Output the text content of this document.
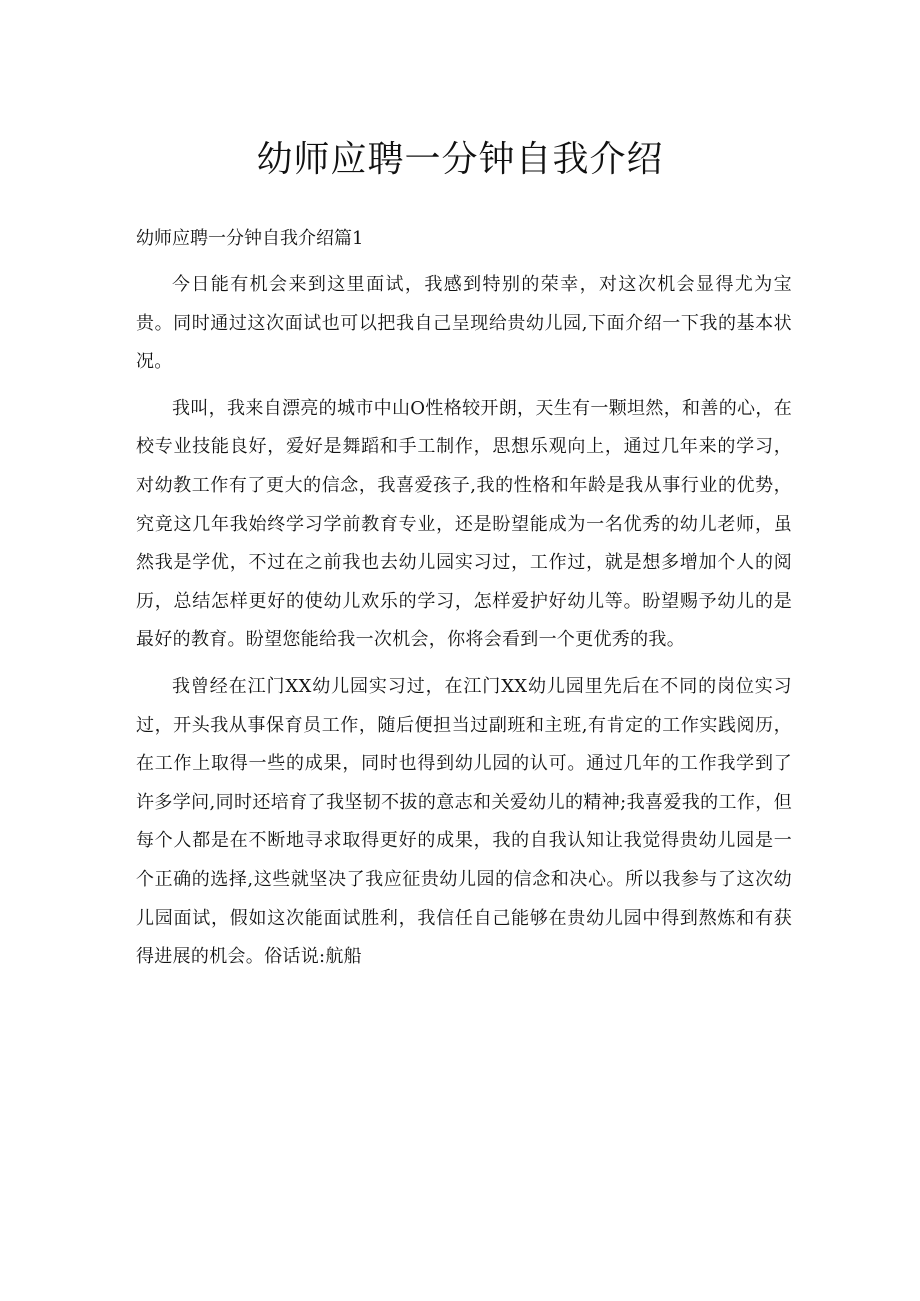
幼师应聘一分钟自我介绍
幼师应聘一分钟自我介绍篇1

今日能有机会来到这里面试，我感到特别的荣幸，对这次机会显得尤为宝贵。同时通过这次面试也可以把我自己呈现给贵幼儿园,下面介绍一下我的基本状况。

我叫，我来自漂亮的城市中山O性格较开朗，天生有一颗坦然，和善的心，在校专业技能良好，爱好是舞蹈和手工制作，思想乐观向上，通过几年来的学习，对幼教工作有了更大的信念，我喜爱孩子,我的性格和年龄是我从事行业的优势，究竟这几年我始终学习学前教育专业，还是盼望能成为一名优秀的幼儿老师，虽然我是学优，不过在之前我也去幼儿园实习过，工作过，就是想多增加个人的阅历，总结怎样更好的使幼儿欢乐的学习，怎样爱护好幼儿等。盼望赐予幼儿的是最好的教育。盼望您能给我一次机会，你将会看到一个更优秀的我。

我曾经在江门XX幼儿园实习过，在江门XX幼儿园里先后在不同的岗位实习过，开头我从事保育员工作，随后便担当过副班和主班,有肯定的工作实践阅历，在工作上取得一些的成果，同时也得到幼儿园的认可。通过几年的工作我学到了许多学问,同时还培育了我坚韧不拔的意志和关爱幼儿的精神;我喜爱我的工作，但每个人都是在不断地寻求取得更好的成果，我的自我认知让我觉得贵幼儿园是一个正确的选择,这些就坚决了我应征贵幼儿园的信念和决心。所以我参与了这次幼儿园面试，假如这次能面试胜利，我信任自己能够在贵幼儿园中得到熬炼和有获得进展的机会。俗话说:航船
